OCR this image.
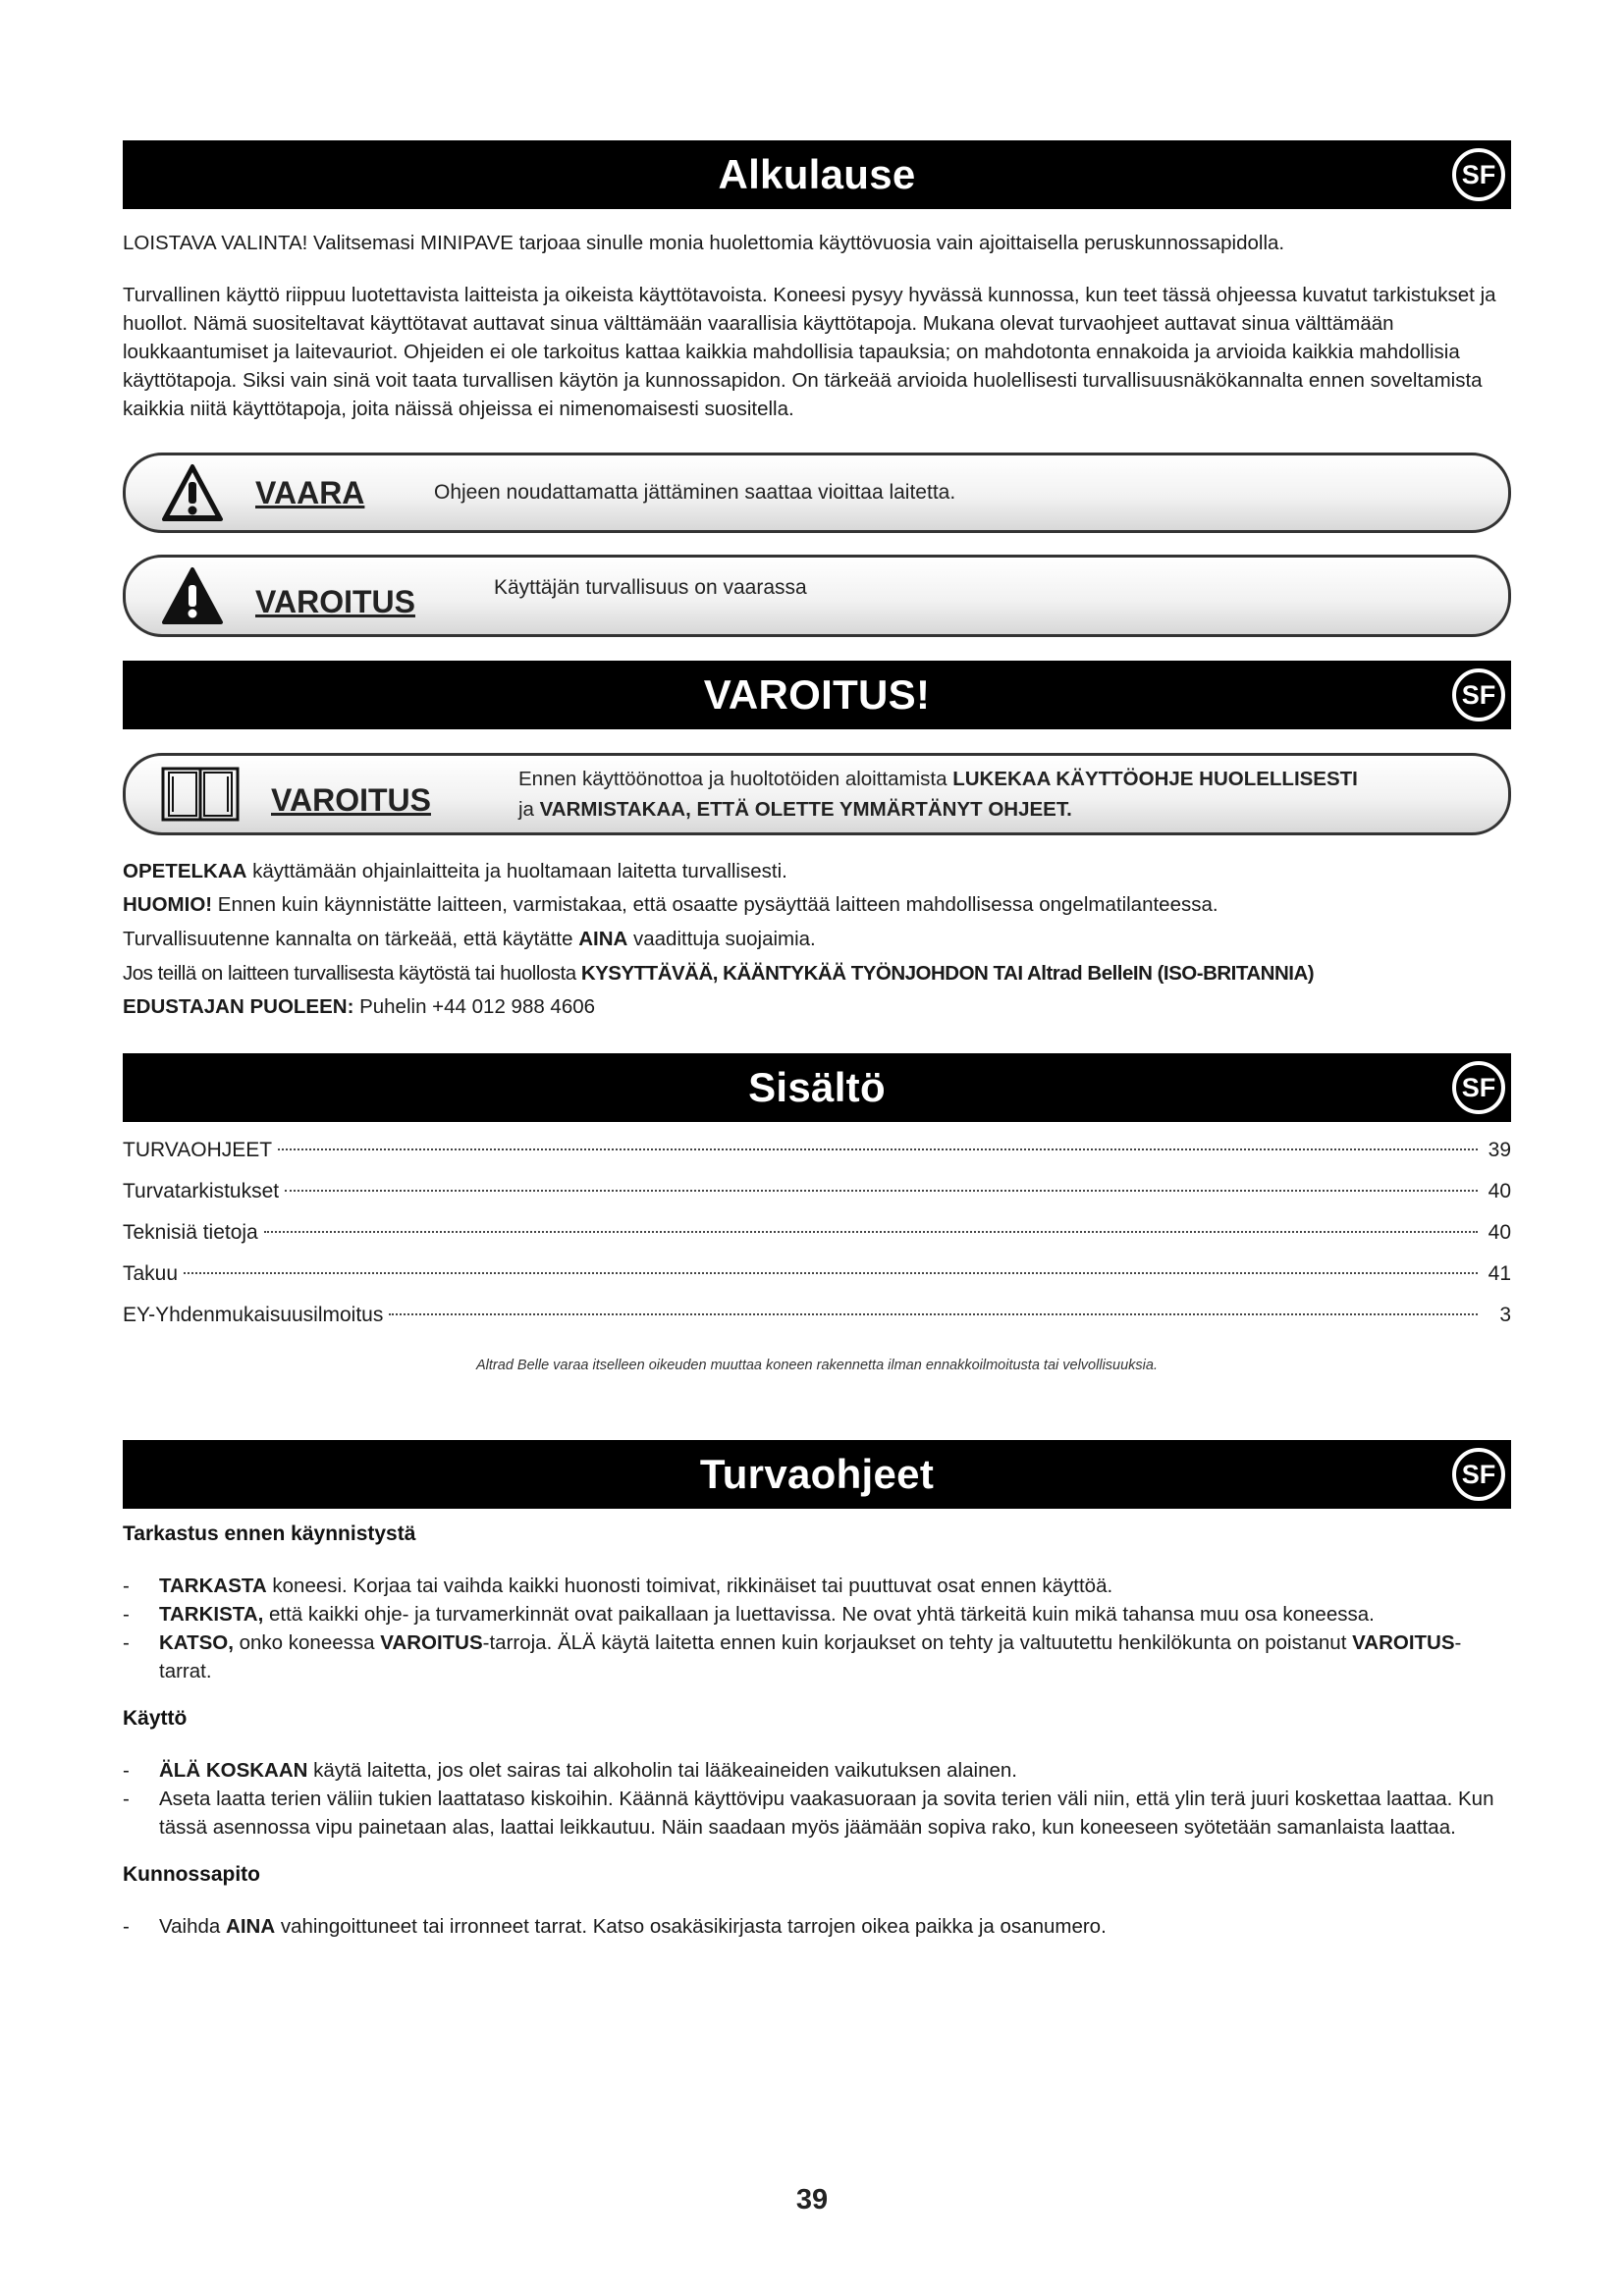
Alkulause	SF

LOISTAVA VALINTA! Valitsemasi MINIPAVE tarjoaa sinulle monia huolettomia käyttövuosia vain ajoittaisella peruskunnossapidolla.

Turvallinen käyttö riippuu luotettavista laitteista ja oikeista käyttötavoista. Koneesi pysyy hyvässä kunnossa, kun teet tässä ohjeessa kuvatut tarkistukset ja huollot. Nämä suositeltavat käyttötavat auttavat sinua välttämään vaarallisia käyttötapoja. Mukana olevat turvaohjeet auttavat sinua välttämään loukkaantumiset ja laitevauriot. Ohjeiden ei ole tarkoitus kattaa kaikkia mahdollisia tapauksia; on mahdotonta ennakoida ja arvioida kaikkia mahdollisia käyttötapoja. Siksi vain sinä voit taata turvallisen käytön ja kunnossapidon. On tärkeää arvioida huolellisesti turvallisuusnäkökannalta ennen soveltamista kaikkia niitä käyttötapoja, joita näissä ohjeissa ei nimenomaisesti suositella.

VAARA	Ohjeen noudattamatta jättäminen saattaa vioittaa laitetta.
VAROITUS	Käyttäjän turvallisuus on vaarassa
VAROITUS!	SF
VAROITUS
Ennen käyttöönottoa ja huoltotöiden aloittamista LUKEKAA KÄYTTÖOHJE HUOLELLISESTI
ja VARMISTAKAA, ETTÄ OLETTE YMMÄRTÄNYT OHJEET.

OPETELKAA käyttämään ohjainlaitteita ja huoltamaan laitetta turvallisesti.

HUOMIO! Ennen kuin käynnistätte laitteen, varmistakaa, että osaatte pysäyttää laitteen mahdollisessa ongelmatilanteessa.

Turvallisuutenne kannalta on tärkeää, että käytätte AINA vaadittuja suojaimia.

Jos teillä on laitteen turvallisesta käytöstä tai huollosta KYSYTTÄVÄÄ, KÄÄNTYKÄÄ TYÖNJOHDON TAI Altrad BelleIN (ISO-BRITANNIA)

EDUSTAJAN PUOLEEN: Puhelin +44 012 988 4606

Sisältö	SF
TURVAOHJEET	39
Turvatarkistukset	40
Teknisiä tietoja	40
Takuu	41
EY-Yhdenmukaisuusilmoitus	3

Altrad Belle varaa itselleen oikeuden muuttaa koneen rakennetta ilman ennakkoilmoitusta tai velvollisuuksia.

Turvaohjeet	SF

Tarkastus ennen käynnistystä

-	TARKASTA koneesi. Korjaa tai vaihda kaikki huonosti toimivat, rikkinäiset tai puuttuvat osat ennen käyttöä.
-	TARKISTA, että kaikki ohje- ja turvamerkinnät ovat paikallaan ja luettavissa. Ne ovat yhtä tärkeitä kuin mikä tahansa muu osa koneessa.
-	KATSO, onko koneessa VAROITUS-tarroja. ÄLÄ käytä laitetta ennen kuin korjaukset on tehty ja valtuutettu henkilökunta on poistanut VAROITUS-tarrat.

Käyttö

-	ÄLÄ KOSKAAN käytä laitetta, jos olet sairas tai alkoholin tai lääkeaineiden vaikutuksen alainen.
-	Aseta laatta terien väliin tukien laattataso kiskoihin. Käännä käyttövipu vaakasuoraan ja sovita terien väli niin, että ylin terä juuri koskettaa laattaa. Kun tässä asennossa vipu painetaan alas, laattai leikkautuu. Näin saadaan myös jäämään sopiva rako, kun koneeseen syötetään samanlaista laattaa.

Kunnossapito

-	Vaihda AINA vahingoittuneet tai irronneet tarrat. Katso osakäsikirjasta tarrojen oikea paikka ja osanumero.
39
